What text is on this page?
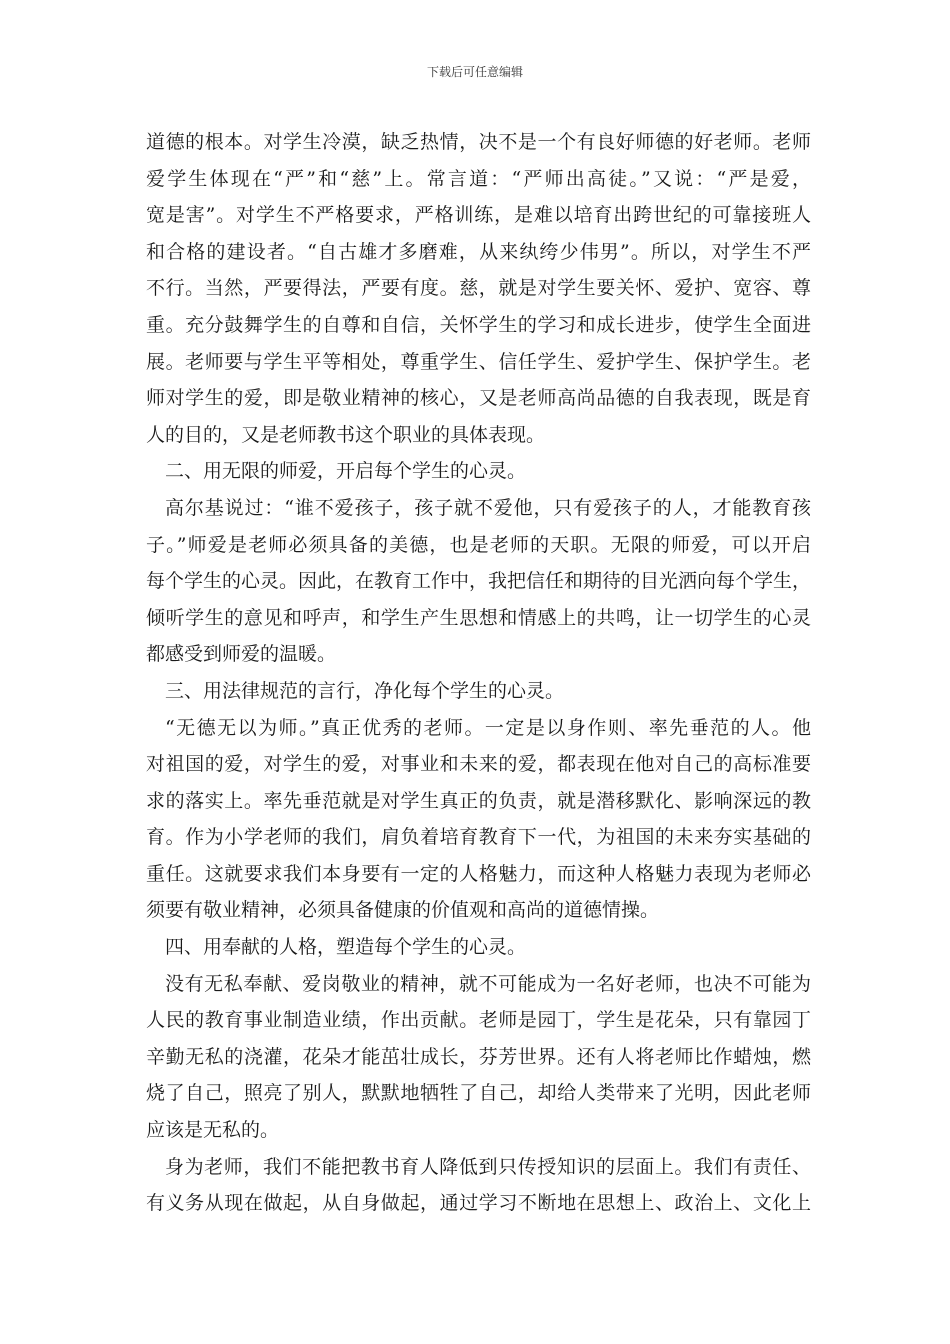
下载后可任意编辑
道德的根本。对学生冷漠，缺乏热情，决不是一个有良好师德的好老师。老师
爱学生体现在“严”和“慈”上。常言道：“严师出高徒。”又说：“严是爱，
宽是害”。对学生不严格要求，严格训练，是难以培育出跨世纪的可靠接班人
和合格的建设者。“自古雄才多磨难，从来纨绔少伟男”。所以，对学生不严
不行。当然，严要得法，严要有度。慈，就是对学生要关怀、爱护、宽容、尊
重。充分鼓舞学生的自尊和自信，关怀学生的学习和成长进步，使学生全面进
展。老师要与学生平等相处，尊重学生、信任学生、爱护学生、保护学生。老
师对学生的爱，即是敬业精神的核心，又是老师高尚品德的自我表现，既是育
人的目的，又是老师教书这个职业的具体表现。
二、用无限的师爱，开启每个学生的心灵。
高尔基说过：“谁不爱孩子，孩子就不爱他，只有爱孩子的人，才能教育孩
子。”师爱是老师必须具备的美德，也是老师的天职。无限的师爱，可以开启
每个学生的心灵。因此，在教育工作中，我把信任和期待的目光洒向每个学生，
倾听学生的意见和呼声，和学生产生思想和情感上的共鸣，让一切学生的心灵
都感受到师爱的温暖。
三、用法律规范的言行，净化每个学生的心灵。
“无德无以为师。”真正优秀的老师。一定是以身作则、率先垂范的人。他
对祖国的爱，对学生的爱，对事业和未来的爱，都表现在他对自己的高标准要
求的落实上。率先垂范就是对学生真正的负责，就是潜移默化、影响深远的教
育。作为小学老师的我们，肩负着培育教育下一代，为祖国的未来夯实基础的
重任。这就要求我们本身要有一定的人格魅力，而这种人格魅力表现为老师必
须要有敬业精神，必须具备健康的价值观和高尚的道德情操。
四、用奉献的人格，塑造每个学生的心灵。
没有无私奉献、爱岗敬业的精神，就不可能成为一名好老师，也决不可能为
人民的教育事业制造业绩，作出贡献。老师是园丁，学生是花朵，只有靠园丁
辛勤无私的浇灌，花朵才能茁壮成长，芬芳世界。还有人将老师比作蜡烛，燃
烧了自己，照亮了别人，默默地牺牲了自己，却给人类带来了光明，因此老师
应该是无私的。
身为老师，我们不能把教书育人降低到只传授知识的层面上。我们有责任、
有义务从现在做起，从自身做起，通过学习不断地在思想上、政治上、文化上
